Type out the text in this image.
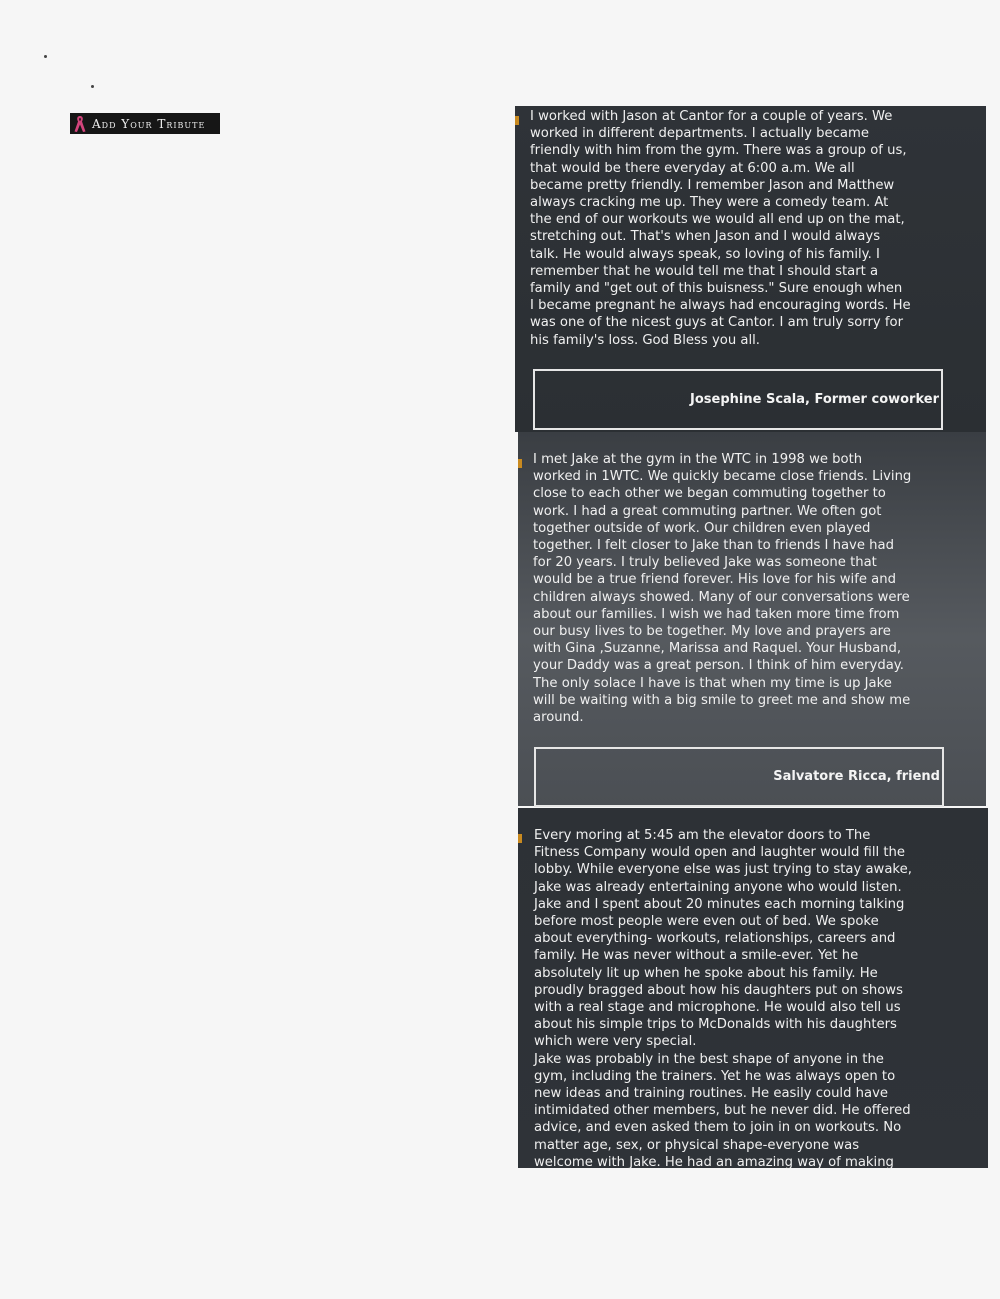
Add Your Tribute	I worked with Jason at Cantor for a couple of years. We
worked in different departments. I actually became
friendly with him from the gym. There was a group of us,
that would be there everyday at 6:00 a.m. We all
became pretty friendly. I remember Jason and Matthew
always cracking me up. They were a comedy team. At
the end of our workouts we would all end up on the mat,
stretching out. That's when Jason and I would always
talk. He would always speak, so loving of his family. I
remember that he would tell me that I should start a
family and "get out of this buisness." Sure enough when
I became pregnant he always had encouraging words. He
was one of the nicest guys at Cantor. I am truly sorry for
his family's loss. God Bless you all.
Josephine Scala, Former coworker
I met Jake at the gym in the WTC in 1998 we both
worked in 1WTC. We quickly became close friends. Living
close to each other we began commuting together to
work. I had a great commuting partner. We often got
together outside of work. Our children even played
together. I felt closer to Jake than to friends I have had
for 20 years. I truly believed Jake was someone that
would be a true friend forever. His love for his wife and
children always showed. Many of our conversations were
about our families. I wish we had taken more time from
our busy lives to be together. My love and prayers are
with Gina ,Suzanne, Marissa and Raquel. Your Husband,
your Daddy was a great person. I think of him everyday.
The only solace I have is that when my time is up Jake
will be waiting with a big smile to greet me and show me
around.
Salvatore Ricca, friend
Every moring at 5:45 am the elevator doors to The
Fitness Company would open and laughter would fill the
lobby. While everyone else was just trying to stay awake,
Jake was already entertaining anyone who would listen.
Jake and I spent about 20 minutes each morning talking
before most people were even out of bed. We spoke
about everything- workouts, relationships, careers and
family. He was never without a smile-ever. Yet he
absolutely lit up when he spoke about his family. He
proudly bragged about how his daughters put on shows
with a real stage and microphone. He would also tell us
about his simple trips to McDonalds with his daughters
which were very special.
Jake was probably in the best shape of anyone in the
gym, including the trainers. Yet he was always open to
new ideas and training routines. He easily could have
intimidated other members, but he never did. He offered
advice, and even asked them to join in on workouts. No
matter age, sex, or physical shape-everyone was
welcome with Jake. He had an amazing way of making
